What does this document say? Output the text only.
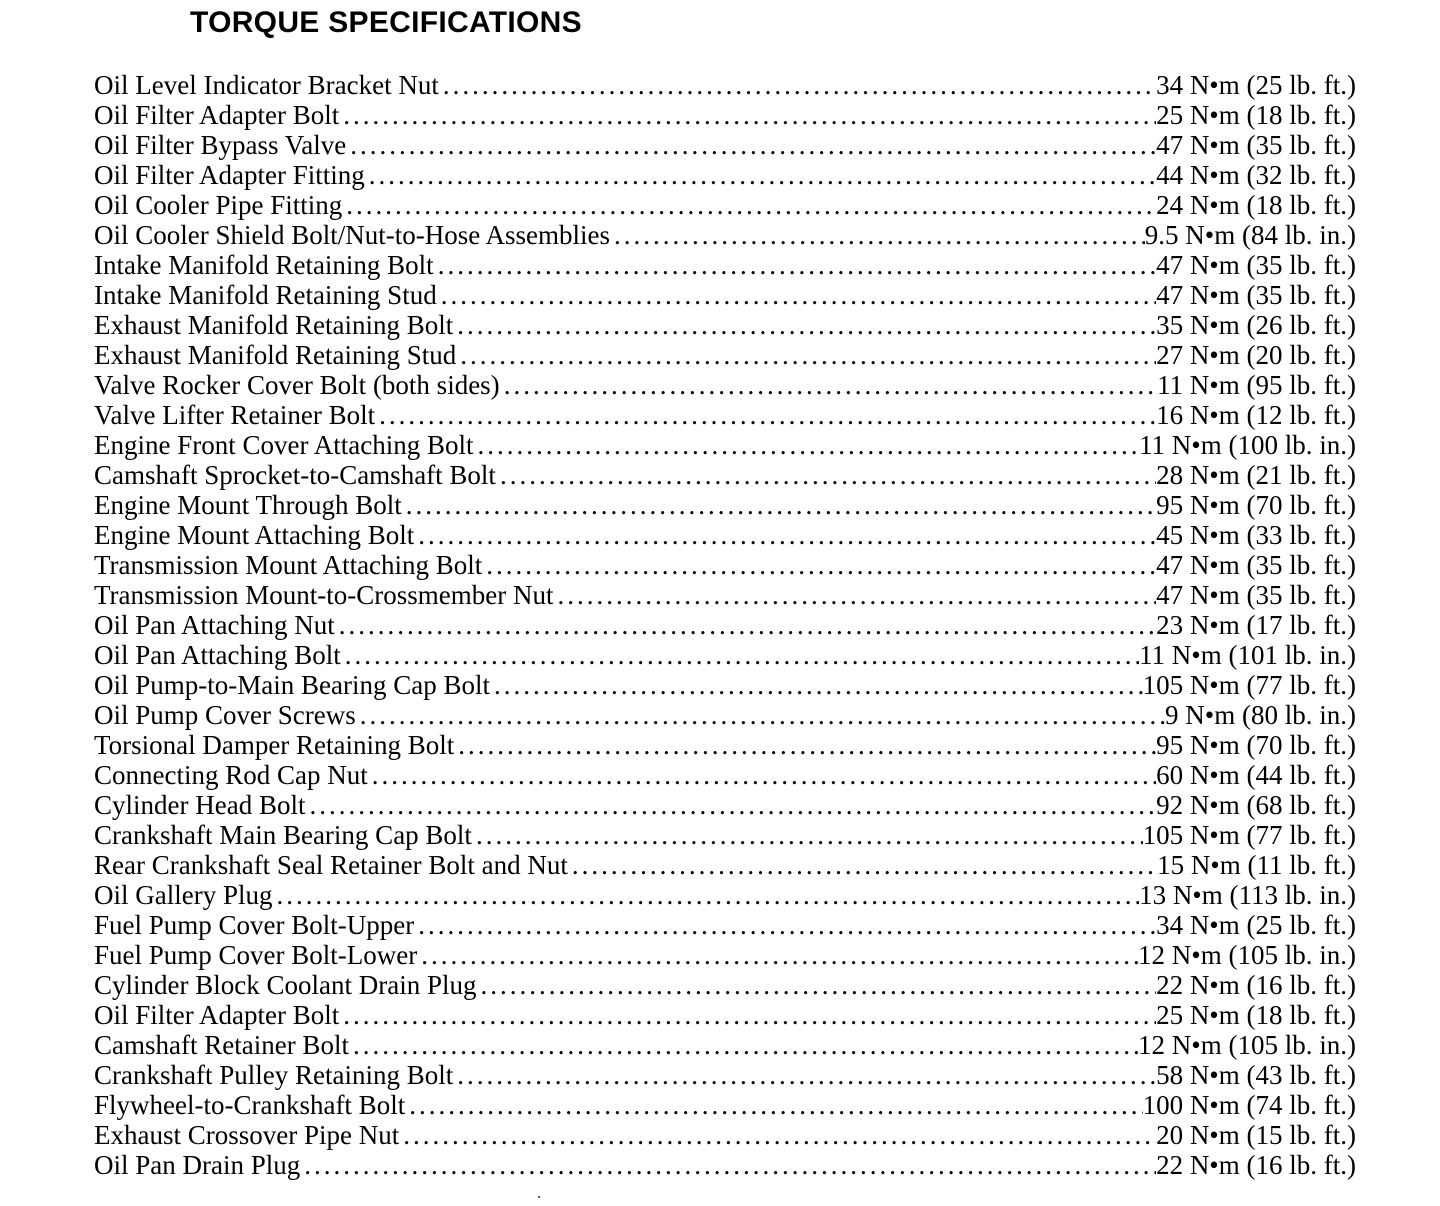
TORQUE SPECIFICATIONS
Oil Level Indicator Bracket Nut .....	34 N•m (25 lb. ft.)
Oil Filter Adapter Bolt .....	25 N•m (18 lb. ft.)
Oil Filter Bypass Valve .....	47 N•m (35 lb. ft.)
Oil Filter Adapter Fitting .....	44 N•m (32 lb. ft.)
Oil Cooler Pipe Fitting .....	24 N•m (18 lb. ft.)
Oil Cooler Shield Bolt/Nut-to-Hose Assemblies .....	9.5 N•m (84 lb. in.)
Intake Manifold Retaining Bolt .....	47 N•m (35 lb. ft.)
Intake Manifold Retaining Stud .....	47 N•m (35 lb. ft.)
Exhaust Manifold Retaining Bolt .....	35 N•m (26 lb. ft.)
Exhaust Manifold Retaining Stud .....	27 N•m (20 lb. ft.)
Valve Rocker Cover Bolt (both sides) .....	11 N•m (95 lb. ft.)
Valve Lifter Retainer Bolt .....	16 N•m (12 lb. ft.)
Engine Front Cover Attaching Bolt .....	11 N•m (100 lb. in.)
Camshaft Sprocket-to-Camshaft Bolt .....	28 N•m (21 lb. ft.)
Engine Mount Through Bolt .....	95 N•m (70 lb. ft.)
Engine Mount Attaching Bolt .....	45 N•m (33 lb. ft.)
Transmission Mount Attaching Bolt .....	47 N•m (35 lb. ft.)
Transmission Mount-to-Crossmember Nut .....	47 N•m (35 lb. ft.)
Oil Pan Attaching Nut .....	23 N•m (17 lb. ft.)
Oil Pan Attaching Bolt .....	11 N•m (101 lb. in.)
Oil Pump-to-Main Bearing Cap Bolt .....	105 N•m (77 lb. ft.)
Oil Pump Cover Screws .....	9 N•m (80 lb. in.)
Torsional Damper Retaining Bolt .....	95 N•m (70 lb. ft.)
Connecting Rod Cap Nut .....	60 N•m (44 lb. ft.)
Cylinder Head Bolt .....	92 N•m (68 lb. ft.)
Crankshaft Main Bearing Cap Bolt .....	105 N•m (77 lb. ft.)
Rear Crankshaft Seal Retainer Bolt and Nut .....	15 N•m (11 lb. ft.)
Oil Gallery Plug .....	13 N•m (113 lb. in.)
Fuel Pump Cover Bolt-Upper .....	34 N•m (25 lb. ft.)
Fuel Pump Cover Bolt-Lower .....	12 N•m (105 lb. in.)
Cylinder Block Coolant Drain Plug .....	22 N•m (16 lb. ft.)
Oil Filter Adapter Bolt .....	25 N•m (18 lb. ft.)
Camshaft Retainer Bolt .....	12 N•m (105 lb. in.)
Crankshaft Pulley Retaining Bolt .....	58 N•m (43 lb. ft.)
Flywheel-to-Crankshaft Bolt .....	100 N•m (74 lb. ft.)
Exhaust Crossover Pipe Nut .....	20 N•m (15 lb. ft.)
Oil Pan Drain Plug .....	22 N•m (16 lb. ft.)
